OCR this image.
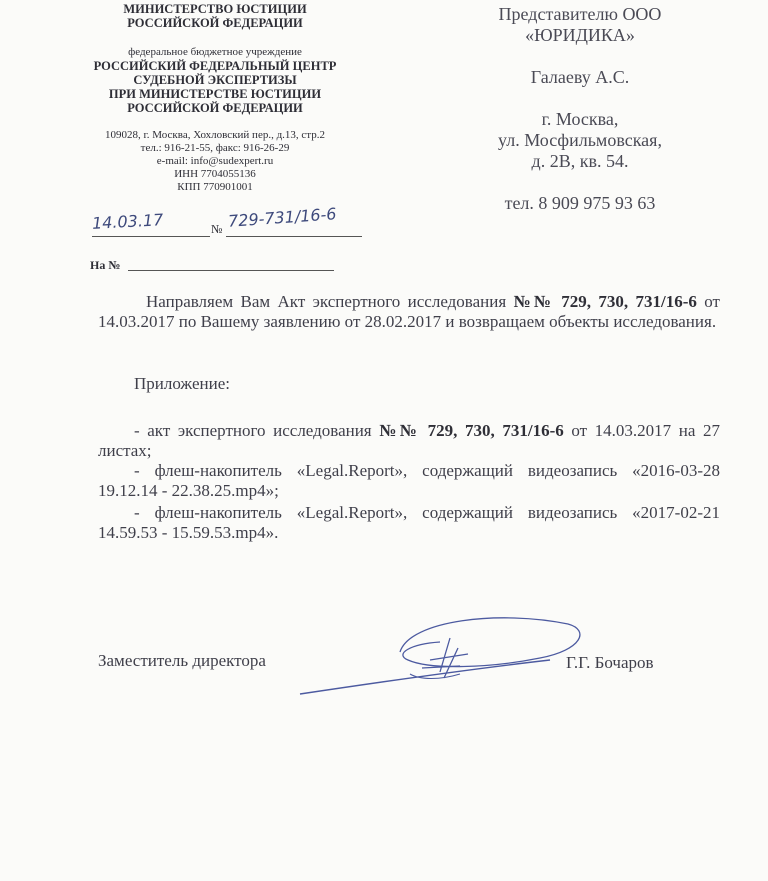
МИНИСТЕРСТВО ЮСТИЦИИ
РОССИЙСКОЙ ФЕДЕРАЦИИ
федеральное бюджетное учреждение
РОССИЙСКИЙ ФЕДЕРАЛЬНЫЙ ЦЕНТР
СУДЕБНОЙ ЭКСПЕРТИЗЫ
ПРИ МИНИСТЕРСТВЕ ЮСТИЦИИ
РОССИЙСКОЙ ФЕДЕРАЦИИ
109028, г. Москва, Хохловский пер., д.13, стр.2
тел.: 916-21-55, факс: 916-26-29
e-mail: info@sudexpert.ru
ИНН 7704055136
КПП 770901001
14.03.17	№ 729-731/16-6
На №
Представителю ООО
«ЮРИДИКА»
Галаеву А.С.
г. Москва,
ул. Мосфильмовская,
д. 2В, кв. 54.
тел. 8 909 975 93 63
Направляем Вам Акт экспертного исследования №№ 729, 730, 731/16-6 от 14.03.2017 по Вашему заявлению от 28.02.2017 и возвращаем объекты исследования.
Приложение:
- акт экспертного исследования №№ 729, 730, 731/16-6 от 14.03.2017 на 27 листах;
- флеш-накопитель «Legal.Report», содержащий видеозапись «2016-03-28 19.12.14 - 22.38.25.mp4»;
- флеш-накопитель «Legal.Report», содержащий видеозапись «2017-02-21 14.59.53 - 15.59.53.mp4».
Заместитель директора	Г.Г. Бочаров
